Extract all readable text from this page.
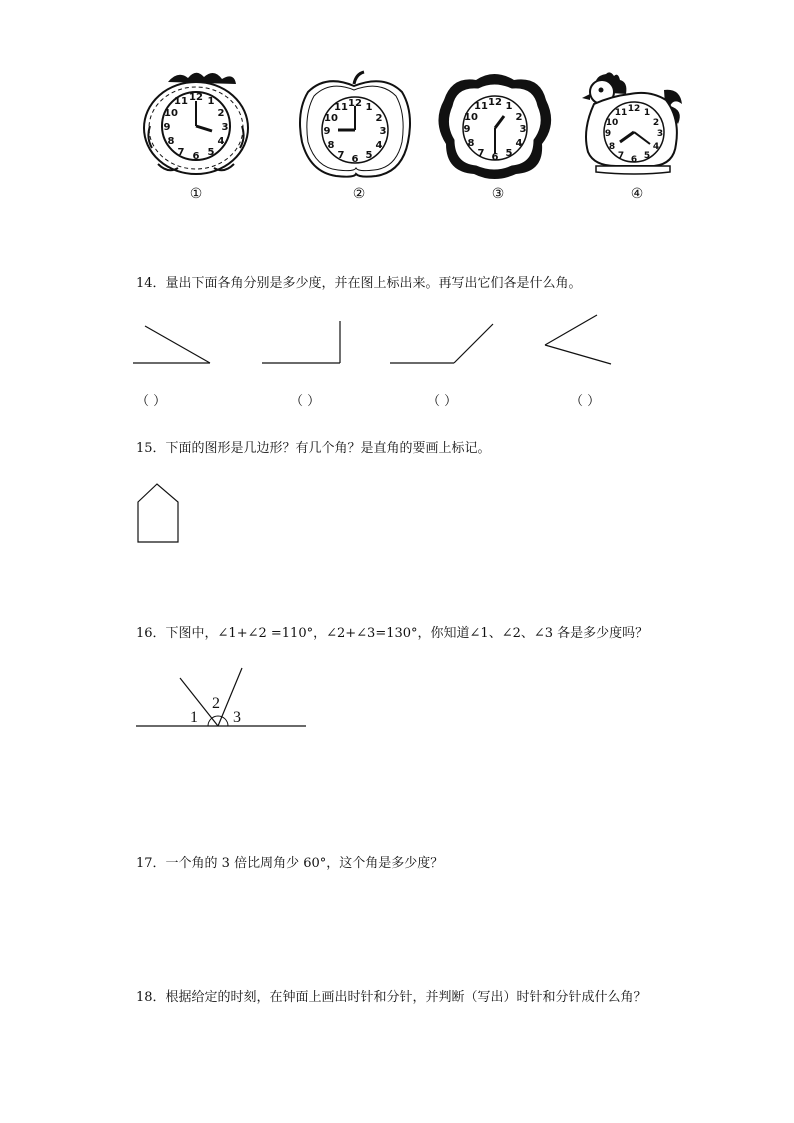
12 1
2
3
4
5
6
7
8
9
10
11
①
12 1
2
3
4
5
6
7
8
9
10
11
②
12 1
2
3
4
5
6
7
8
9
10
11
③
12 1
2
3
4
5
6
7
8
9
10
11
④
14．量出下面各角分别是多少度，并在图上标出来。再写出它们各是什么角。
（ ）	（ ）	（ ）	（ ）
15．下面的图形是几边形？有几个角？是直角的要画上标记。
16．下图中，∠1+∠2 =110°，∠2+∠3=130°，你知道∠1、∠2、∠3 各是多少度吗？
1
2
3
17．一个角的 3 倍比周角少 60°，这个角是多少度？
18．根据给定的时刻，在钟面上画出时针和分针，并判断（写出）时针和分针成什么角？
